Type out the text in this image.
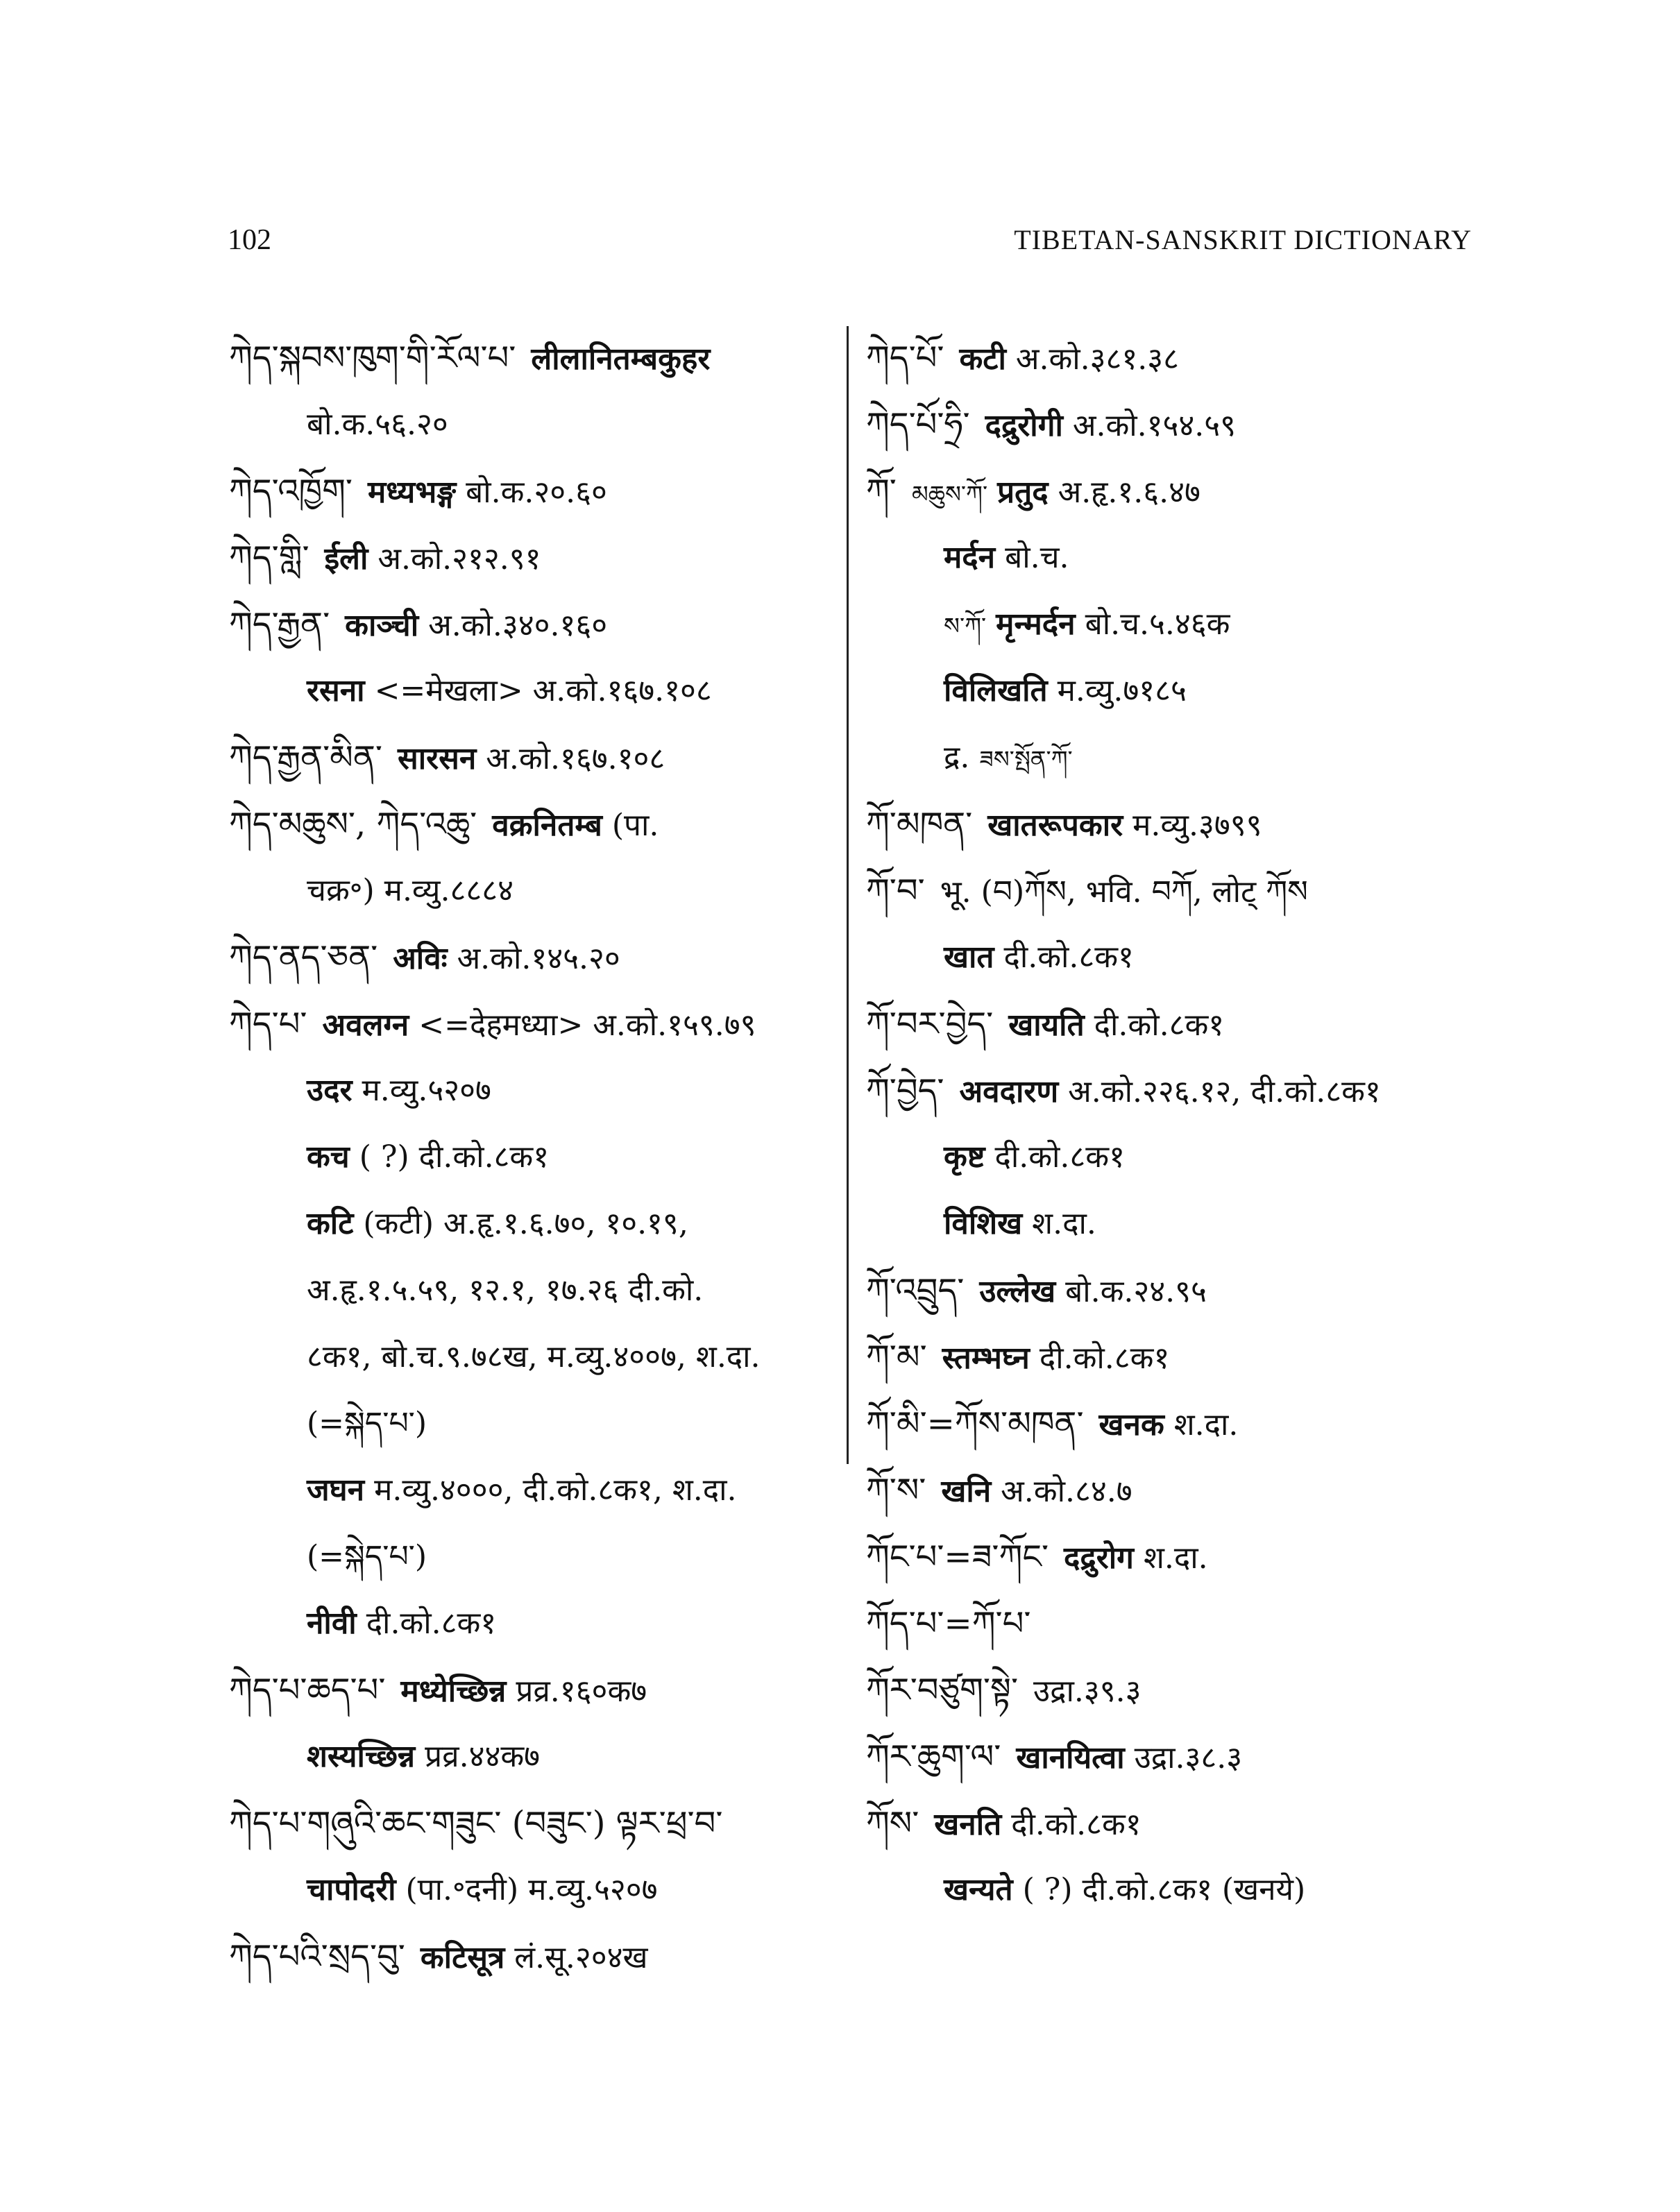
102	TIBETAN-SANSKRIT DICTIONARY
ཀེད་སྐབས་ཁུག་གི་རོལ་པ་ लीलानितम्बकुहर
बो.क.५६.२०
ཀེད་འཁྱོག་ मध्यभङ्ग बो.क.२०.६०
ཀེད་གླི་ ईली अ.को.२१२.९१
ཀེད་རྒྱན་ काञ्ची अ.को.३४०.१६०
रसना <=मेखला> अ.को.१६७.१०८
ཀེད་རྒྱན་མིན་ सारसन अ.को.१६७.१०८
ཀེད་མཆུས་, ཀེད་འཆུ་ वक्रनितम्ब (पा.
चक्र॰) म.व्यु.८८८४
ཀེད་ནད་ཅན་ अविः अ.को.१४५.२०
ཀེད་པ་ अवलग्न <=देहमध्या> अ.को.१५९.७९
उदर म.व्यु.५२०७
कच ( ?) दी.को.८क१
कटि (कटी) अ.हृ.१.६.७०, १०.१९,
अ.हृ.१.५.५९, १२.१, १७.२६ दी.को.
८क१, बो.च.९.७८ख, म.व्यु.४००७, श.दा.
(=སྐེད་པ་)
जघन म.व्यु.४०००, दी.को.८क१, श.दा.
(=སྐེད་པ་)
नीवी दी.को.८क१
ཀེད་པ་ཆད་པ་ मध्येच्छिन्न प्रव्र.१६०क७
शस्यच्छिन्न प्रव्र.४४क७
ཀེད་པ་གཞུའི་ཆང་གཟུང་ (བཟུང་) ལྟར་ཕྲ་བ་
चापोदरी (पा.॰दनी) म.व्यु.५२०७
ཀེད་པའི་སྲད་བུ་ कटिसूत्र लं.सू.२०४ख
ཀེད་པོ་ कटी अ.को.३८१.३८
ཀེད་པོ་ཧྲི་ दद्रुरोगी अ.को.१५४.५९
ཀོ་ མཆུས་ཀོ་ प्रतुद अ.हृ.१.६.४७
मर्दन बो.च.
ས་ཀོ་ मृन्मर्दन बो.च.५.४६क
विलिखति म.व्यु.७१८५
द्र. ཟས་སྤོན་ཀོ་
ཀོ་མཁན་ खातरूपकार म.व्यु.३७९९
ཀོ་བ་ भू. (བ)ཀོས, भवि. བཀོ, लोट् ཀོས
खात दी.को.८क१
ཀོ་བར་བྱེད་ खायति दी.को.८क१
ཀོ་བྱེད་ अवदारण अ.को.२२६.१२, दी.को.८क१
कृष्ट दी.को.८क१
विशिख श.दा.
ཀོ་འབྲུད་ उल्लेख बो.क.२४.९५
ཀོ་མ་ स्तम्भघ्न दी.को.८क१
ཀོ་མི་=ཀོས་མཁན་ खनक श.दा.
ཀོ་ས་ खनि अ.को.८४.७
ཀོང་པ་=ཟ་ཀོང་ दद्रुरोग श.दा.
ཀོད་པ་=ཀོ་པ་
ཀོར་བཙུག་སྟེ་ उद्रा.३९.३
ཀོར་ཆུག་ལ་ खानयित्वा उद्रा.३८.३
ཀོས་ खनति दी.को.८क१
खन्यते ( ?) दी.को.८क१ (खनये)
